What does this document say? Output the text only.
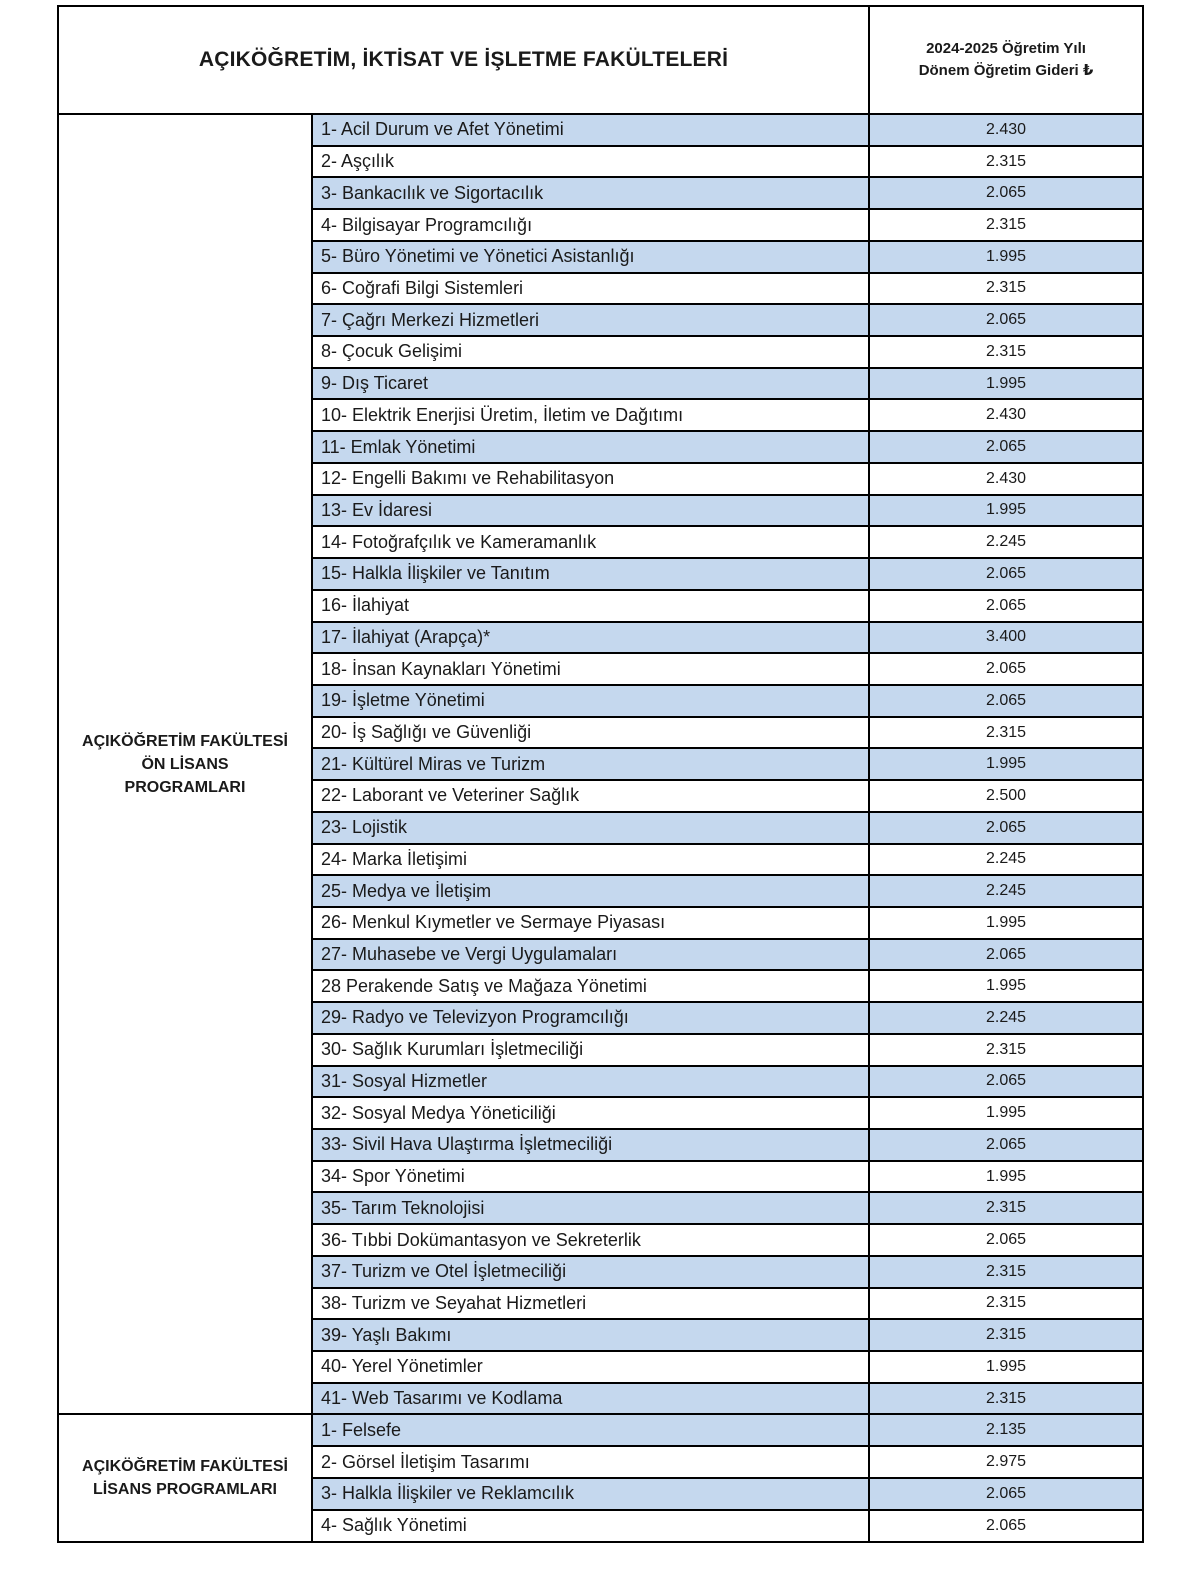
AÇIKÖĞRETİM, İKTİSAT VE İŞLETME FAKÜLTELERİ		2024-2025 Öğretim Yılı
Dönem Öğretim Gideri ₺

AÇIKÖĞRETİM FAKÜLTESİ
ÖN LİSANS
PROGRAMLARI	1- Acil Durum ve Afet Yönetimi	2.430
	2- Aşçılık	2.315
	3- Bankacılık ve Sigortacılık	2.065
	4- Bilgisayar Programcılığı	2.315
	5- Büro Yönetimi ve Yönetici Asistanlığı	1.995
	6- Coğrafi Bilgi Sistemleri	2.315
	7- Çağrı Merkezi Hizmetleri	2.065
	8- Çocuk Gelişimi	2.315
	9- Dış Ticaret	1.995
	10- Elektrik Enerjisi Üretim, İletim ve Dağıtımı	2.430
	11- Emlak Yönetimi	2.065
	12- Engelli Bakımı ve Rehabilitasyon	2.430
	13- Ev İdaresi	1.995
	14- Fotoğrafçılık ve Kameramanlık	2.245
	15- Halkla İlişkiler ve Tanıtım	2.065
	16- İlahiyat	2.065
	17- İlahiyat (Arapça)*	3.400
	18- İnsan Kaynakları Yönetimi	2.065
	19- İşletme Yönetimi	2.065
	20- İş Sağlığı ve Güvenliği	2.315
	21- Kültürel Miras ve Turizm	1.995
	22- Laborant ve Veteriner Sağlık	2.500
	23- Lojistik	2.065
	24- Marka İletişimi	2.245
	25- Medya ve İletişim	2.245
	26- Menkul Kıymetler ve Sermaye Piyasası	1.995
	27- Muhasebe ve Vergi Uygulamaları	2.065
	28 Perakende Satış ve Mağaza Yönetimi	1.995
	29- Radyo ve Televizyon Programcılığı	2.245
	30- Sağlık Kurumları İşletmeciliği	2.315
	31- Sosyal Hizmetler	2.065
	32- Sosyal Medya Yöneticiliği	1.995
	33- Sivil Hava Ulaştırma İşletmeciliği	2.065
	34- Spor Yönetimi	1.995
	35- Tarım Teknolojisi	2.315
	36- Tıbbi Dokümantasyon ve Sekreterlik	2.065
	37- Turizm ve Otel İşletmeciliği	2.315
	38- Turizm ve Seyahat Hizmetleri	2.315
	39- Yaşlı Bakımı	2.315
	40- Yerel Yönetimler	1.995
	41- Web Tasarımı ve Kodlama	2.315

AÇIKÖĞRETİM FAKÜLTESİ
LİSANS PROGRAMLARI	1- Felsefe	2.135
	2- Görsel İletişim Tasarımı	2.975
	3- Halkla İlişkiler ve Reklamcılık	2.065
	4- Sağlık Yönetimi	2.065
